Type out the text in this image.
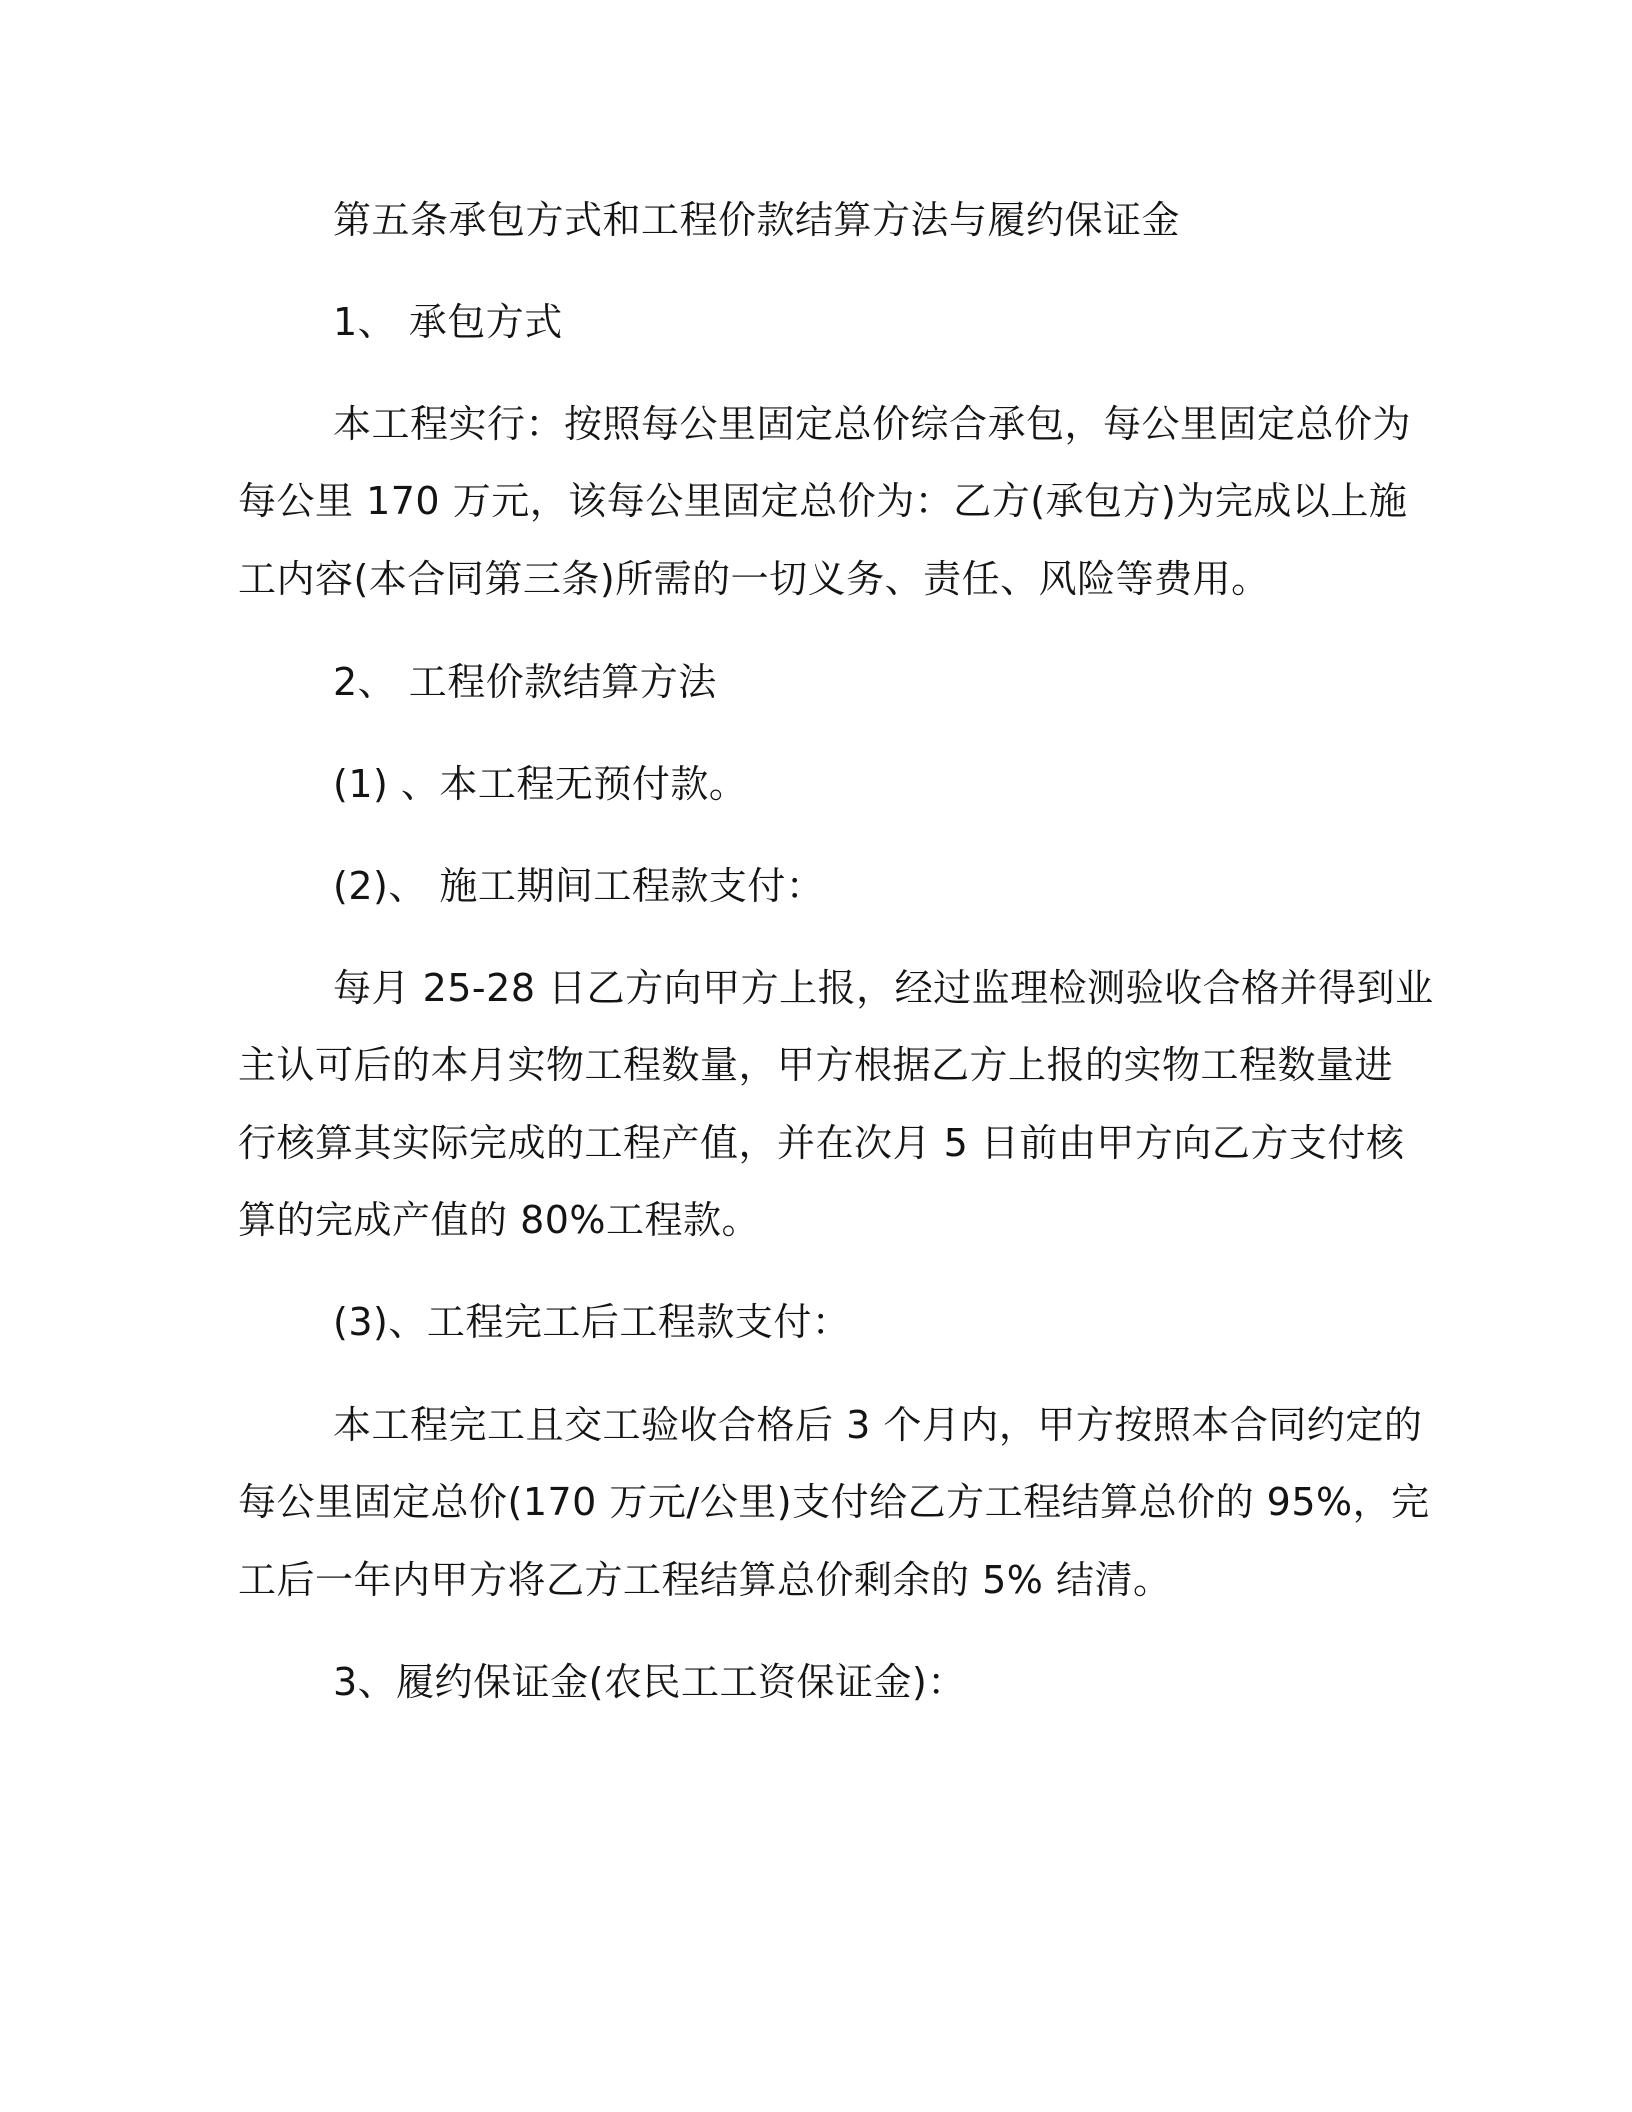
第五条承包方式和工程价款结算方法与履约保证金

1、 承包方式

本工程实行：按照每公里固定总价综合承包，每公里固定总价为

每公里 170 万元，该每公里固定总价为：乙方(承包方)为完成以上施

工内容(本合同第三条)所需的一切义务、责任、风险等费用。

2、 工程价款结算方法

(1) 、本工程无预付款。

(2)、 施工期间工程款支付：

每月 25-28 日乙方向甲方上报，经过监理检测验收合格并得到业

主认可后的本月实物工程数量，甲方根据乙方上报的实物工程数量进

行核算其实际完成的工程产值，并在次月 5 日前由甲方向乙方支付核

算的完成产值的 80%工程款。

(3)、工程完工后工程款支付：

本工程完工且交工验收合格后 3 个月内，甲方按照本合同约定的

每公里固定总价(170 万元/公里)支付给乙方工程结算总价的 95%，完

工后一年内甲方将乙方工程结算总价剩余的 5% 结清。

3、履约保证金(农民工工资保证金)：
